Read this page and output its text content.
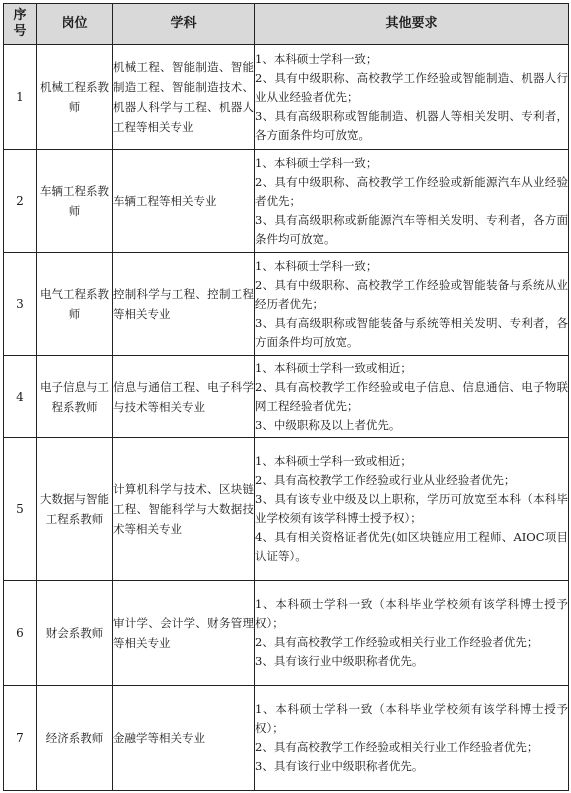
序
号	岗位	学科	其他要求
1	机械工程系教师	机械工程、智能制造、智能制造工程、智能制造技术、机器人科学与工程、机器人工程等相关专业	1、本科硕士学科一致；
2、具有中级职称、高校教学工作经验或智能制造、机器人行业从业经验者优先；
3、具有高级职称或智能制造、机器人等相关发明、专利者，各方面条件均可放宽。

2	车辆工程系教师	车辆工程等相关专业	1、本科硕士学科一致；
2、具有中级职称、高校教学工作经验或新能源汽车从业经验者优先；
3、具有高级职称或新能源汽车等相关发明、专利者，各方面条件均可放宽。

3	电气工程系教师	控制科学与工程、控制工程等相关专业	1、本科硕士学科一致；
2、具有中级职称、高校教学工作经验或智能装备与系统从业经历者优先；
3、具有高级职称或智能装备与系统等相关发明、专利者，各方面条件均可放宽。

4	电子信息与工程系教师	信息与通信工程、电子科学与技术等相关专业	1、本科硕士学科一致或相近；
2、具有高校教学工作经验或电子信息、信息通信、电子物联网工程经验者优先；
3、中级职称及以上者优先。

5	大数据与智能工程系教师	计算机科学与技术、区块链工程、智能科学与大数据技术等相关专业	1、本科硕士学科一致或相近；
2、具有高校教学工作经验或行业从业经验者优先；
3、具有该专业中级及以上职称，学历可放宽至本科（本科毕业学校须有该学科博士授予权）；
4、具有相关资格证者优先(如区块链应用工程师、AIOC项目认证等）。

6	财会系教师	审计学、会计学、财务管理等相关专业	1、本科硕士学科一致（本科毕业学校须有该学科博士授予权）；
2、具有高校教学工作经验或相关行业工作经验者优先；
3、具有该行业中级职称者优先。

7	经济系教师	金融学等相关专业	1、本科硕士学科一致（本科毕业学校须有该学科博士授予权）；
2、具有高校教学工作经验或相关行业工作经验者优先；
3、具有该行业中级职称者优先。
